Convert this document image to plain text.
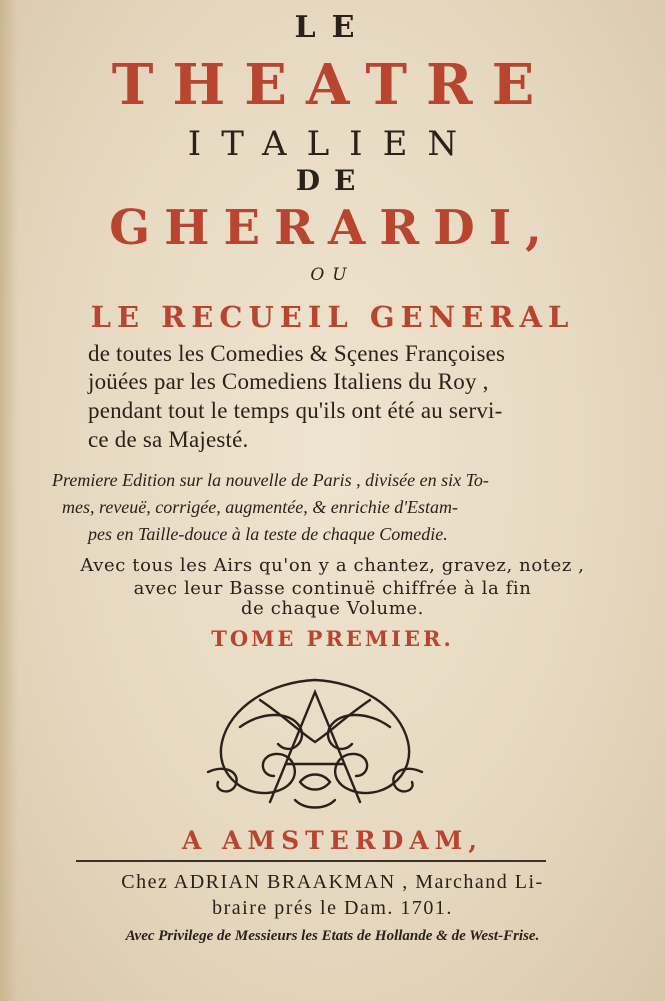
LE
THEATRE
ITALIEN
DE
GHERARDI,
OU
LE RECUEIL GENERAL
de toutes les Comedies & Sçenes Françoises
joüées par les Comediens Italiens du Roy ,
pendant tout le temps qu'ils ont été au servi-
ce de sa Majesté.
Premiere Edition sur la nouvelle de Paris , divisée en six To-
mes, reveuë, corrigée, augmentée, & enrichie d'Estam-
pes en Taille-douce à la teste de chaque Comedie.
Avec tous les Airs qu'on y a chantez, gravez, notez ,
avec leur Basse continuë chiffrée à la fin
de chaque Volume.
TOME PREMIER.
A AMSTERDAM,
Chez ADRIAN BRAAKMAN , Marchand Li-
braire prés le Dam. 1701.
Avec Privilege de Messieurs les Etats de Hollande & de West-Frise.
